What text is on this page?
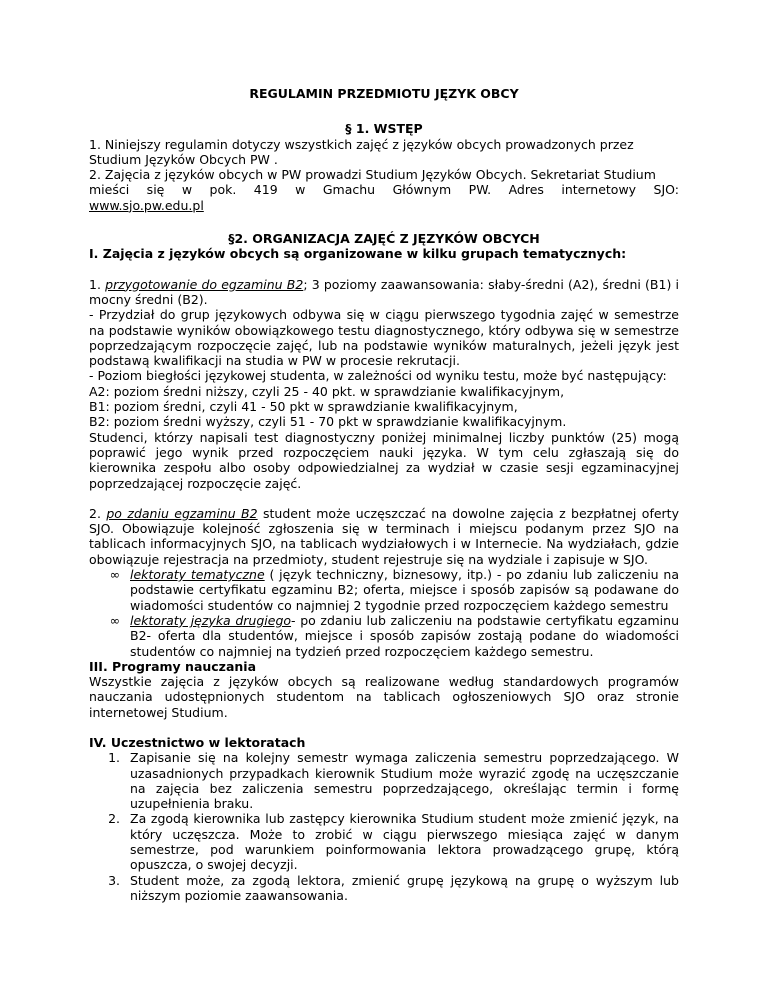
REGULAMIN PRZEDMIOTU JĘZYK OBCY
§ 1. WSTĘP

1. Niniejszy regulamin dotyczy wszystkich zajęć z języków obcych prowadzonych przez Studium Języków Obcych PW .

2. Zajęcia z języków obcych w PW prowadzi Studium Języków Obcych. Sekretariat Studium

mieści się w pok. 419 w Gmachu Głównym PW. Adres internetowy SJO:

www.sjo.pw.edu.pl

§2. ORGANIZACJA ZAJĘĆ Z JĘZYKÓW OBCYCH

I. Zajęcia z języków obcych są organizowane w kilku grupach tematycznych:

1. przygotowanie do egzaminu B2; 3 poziomy zaawansowania: słaby-średni (A2), średni (B1) i mocny średni (B2).

- Przydział do grup językowych odbywa się w ciągu pierwszego tygodnia zajęć w semestrze na podstawie wyników obowiązkowego testu diagnostycznego, który odbywa się w semestrze poprzedzającym rozpoczęcie zajęć, lub na podstawie wyników maturalnych, jeżeli język jest podstawą kwalifikacji na studia w PW w procesie rekrutacji.

- Poziom biegłości językowej studenta, w zależności od wyniku testu, może być następujący:

A2: poziom średni niższy, czyli 25 - 40 pkt. w sprawdzianie kwalifikacyjnym,

B1: poziom średni, czyli 41 - 50 pkt w sprawdzianie kwalifikacyjnym,

B2: poziom średni wyższy, czyli 51 - 70 pkt w sprawdzianie kwalifikacyjnym.

Studenci, którzy napisali test diagnostyczny poniżej minimalnej liczby punktów (25) mogą poprawić jego wynik przed rozpoczęciem nauki języka. W tym celu zgłaszają się do kierownika zespołu albo osoby odpowiedzialnej za wydział w czasie sesji egzaminacyjnej poprzedzającej rozpoczęcie zajęć.

2. po zdaniu egzaminu B2 student może uczęszczać na dowolne zajęcia z bezpłatnej oferty SJO. Obowiązuje kolejność zgłoszenia się w terminach i miejscu podanym przez SJO na tablicach informacyjnych SJO, na tablicach wydziałowych i w Internecie. Na wydziałach, gdzie obowiązuje rejestracja na przedmioty, student rejestruje się na wydziale i zapisuje w SJO.

∞ lektoraty tematyczne ( język techniczny, biznesowy, itp.) - po zdaniu lub zaliczeniu na podstawie certyfikatu egzaminu B2; oferta, miejsce i sposób zapisów są podawane do wiadomości studentów co najmniej 2 tygodnie przed rozpoczęciem każdego semestru
∞ lektoraty języka drugiego- po zdaniu lub zaliczeniu na podstawie certyfikatu egzaminu B2- oferta dla studentów, miejsce i sposób zapisów zostają podane do wiadomości studentów co najmniej na tydzień przed rozpoczęciem każdego semestru.

III. Programy nauczania

Wszystkie zajęcia z języków obcych są realizowane według standardowych programów nauczania udostępnionych studentom na tablicach ogłoszeniowych SJO oraz stronie internetowej Studium.

IV. Uczestnictwo w lektoratach

1. Zapisanie się na kolejny semestr wymaga zaliczenia semestru poprzedzającego. W uzasadnionych przypadkach kierownik Studium może wyrazić zgodę na uczęszczanie na zajęcia bez zaliczenia semestru poprzedzającego, określając termin i formę uzupełnienia braku.
2. Za zgodą kierownika lub zastępcy kierownika Studium student może zmienić język, na który uczęszcza. Może to zrobić w ciągu pierwszego miesiąca zajęć w danym semestrze, pod warunkiem poinformowania lektora prowadzącego grupę, którą opuszcza, o swojej decyzji.
3. Student może, za zgodą lektora, zmienić grupę językową na grupę o wyższym lub niższym poziomie zaawansowania.
